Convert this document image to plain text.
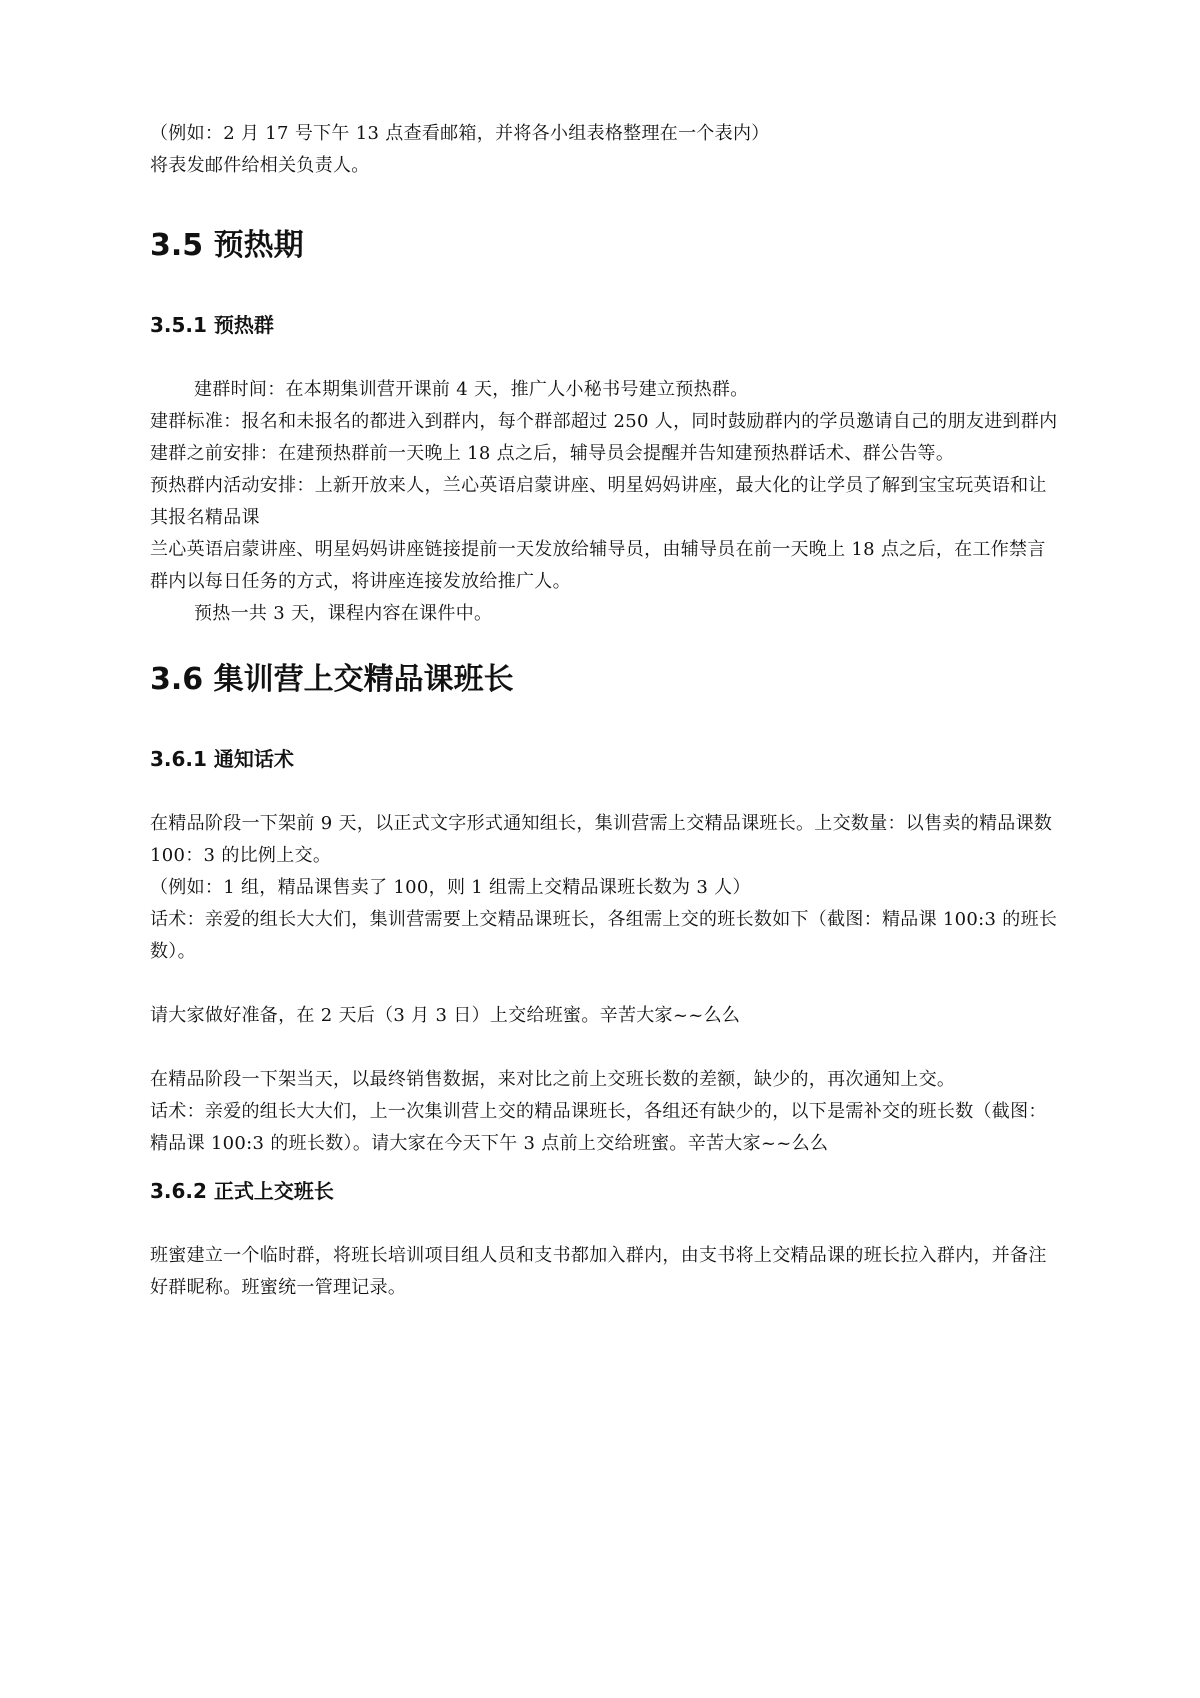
（例如：2 月 17 号下午 13 点查看邮箱，并将各小组表格整理在一个表内）

将表发邮件给相关负责人。

3.5 预热期
3.5.1 预热群

建群时间：在本期集训营开课前 4 天，推广人小秘书号建立预热群。

建群标准：报名和未报名的都进入到群内，每个群部超过 250 人，同时鼓励群内的学员邀请自己的朋友进到群内

建群之前安排：在建预热群前一天晚上 18 点之后，辅导员会提醒并告知建预热群话术、群公告等。

预热群内活动安排：上新开放来人，兰心英语启蒙讲座、明星妈妈讲座，最大化的让学员了解到宝宝玩英语和让其报名精品课

兰心英语启蒙讲座、明星妈妈讲座链接提前一天发放给辅导员，由辅导员在前一天晚上 18 点之后，在工作禁言群内以每日任务的方式，将讲座连接发放给推广人。

预热一共 3 天，课程内容在课件中。

3.6 集训营上交精品课班长
3.6.1 通知话术

在精品阶段一下架前 9 天，以正式文字形式通知组长，集训营需上交精品课班长。上交数量：以售卖的精品课数 100：3 的比例上交。

（例如：1 组，精品课售卖了 100，则 1 组需上交精品课班长数为 3 人）

话术：亲爱的组长大大们，集训营需要上交精品课班长，各组需上交的班长数如下（截图：精品课 100:3 的班长数）。

请大家做好准备，在 2 天后（3 月 3 日）上交给班蜜。辛苦大家~~么么

在精品阶段一下架当天，以最终销售数据，来对比之前上交班长数的差额，缺少的，再次通知上交。

话术：亲爱的组长大大们，上一次集训营上交的精品课班长，各组还有缺少的，以下是需补交的班长数（截图：精品课 100:3 的班长数）。请大家在今天下午 3 点前上交给班蜜。辛苦大家~~么么

3.6.2 正式上交班长

班蜜建立一个临时群，将班长培训项目组人员和支书都加入群内，由支书将上交精品课的班长拉入群内，并备注好群昵称。班蜜统一管理记录。
